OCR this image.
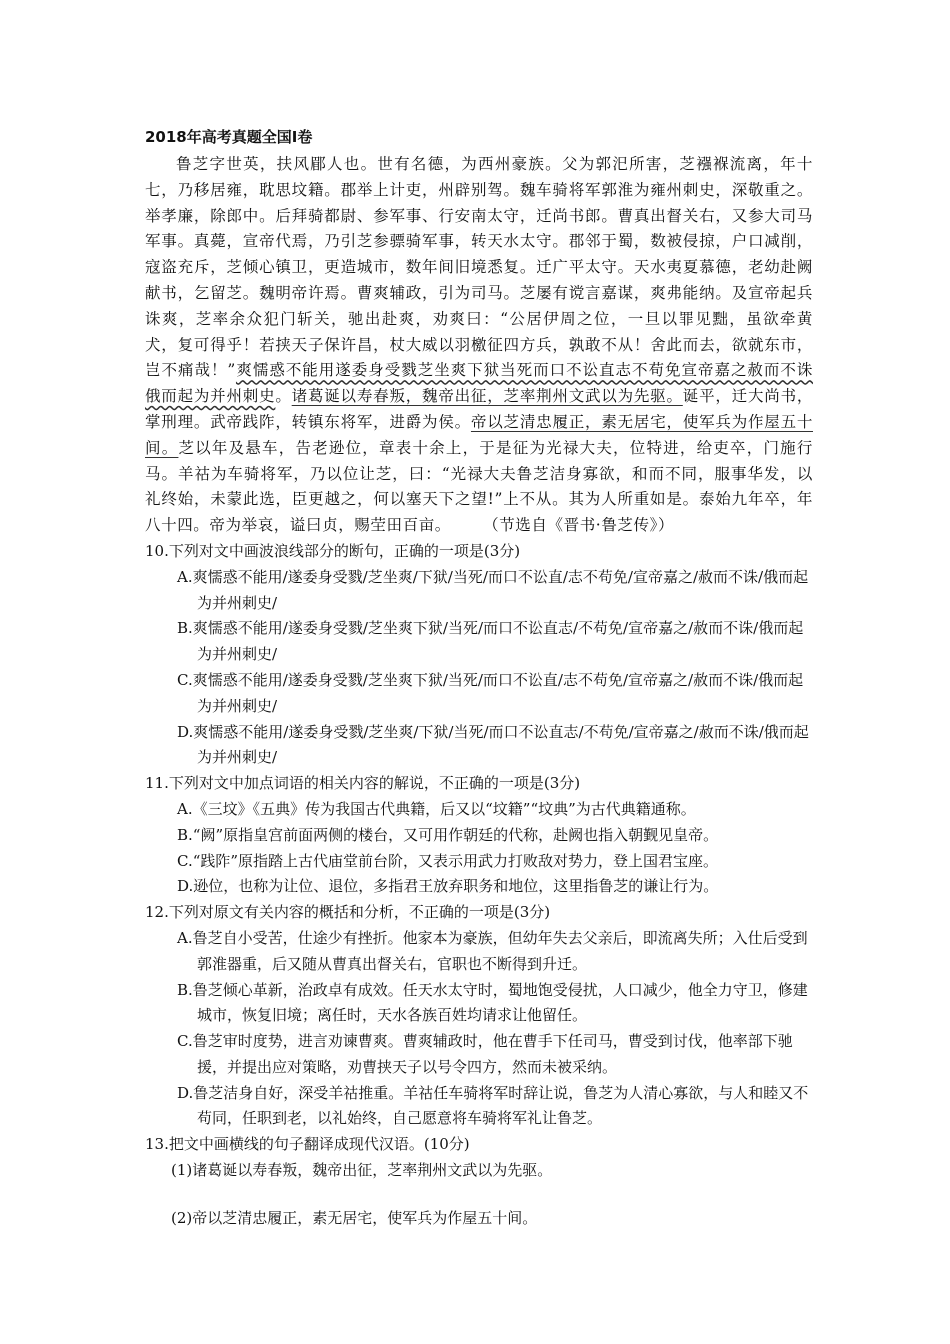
2018年高考真题全国I卷

鲁芝字世英，扶风郿人也。世有名德，为西州豪族。父为郭汜所害，芝襁褓流离，年十七，乃移居雍，耽思坟籍。郡举上计吏，州辟别驾。魏车骑将军郭淮为雍州刺史，深敬重之。举孝廉，除郎中。后拜骑都尉、参军事、行安南太守，迁尚书郎。曹真出督关右，又参大司马军事。真薨，宣帝代焉，乃引芝参骠骑军事，转天水太守。郡邻于蜀，数被侵掠，户口减削，寇盗充斥，芝倾心镇卫，更造城市，数年间旧境悉复。迁广平太守。天水夷夏慕德，老幼赴阙献书，乞留芝。魏明帝许焉。曹爽辅政，引为司马。芝屡有谠言嘉谋，爽弗能纳。及宣帝起兵诛爽，芝率余众犯门斩关，驰出赴爽，劝爽曰：“公居伊周之位，一旦以罪见黜，虽欲牵黄犬，复可得乎！若挟天子保许昌，杖大威以羽檄征四方兵，孰敢不从！舍此而去，欲就东市，岂不痛哉！”爽懦惑不能用遂委身受戮芝坐爽下狱当死而口不讼直志不苟免宣帝嘉之赦而不诛俄而起为并州刺史。诸葛诞以寿春叛，魏帝出征，芝率荆州文武以为先驱。诞平，迁大尚书，掌刑理。武帝践阼，转镇东将军，进爵为侯。帝以芝清忠履正，素无居宅，使军兵为作屋五十间。芝以年及悬车，告老逊位，章表十余上，于是征为光禄大夫，位特进，给吏卒，门施行马。羊祜为车骑将军，乃以位让芝，曰：“光禄大夫鲁芝洁身寡欲，和而不同，服事华发，以礼终始，未蒙此选，臣更越之，何以塞天下之望!”上不从。其为人所重如是。泰始九年卒，年八十四。帝为举哀，谥曰贞，赐茔田百亩。   （节选自《晋书·鲁芝传》）

10.下列对文中画波浪线部分的断句，正确的一项是(3分)

A.爽懦惑不能用/遂委身受戮/芝坐爽/下狱/当死/而口不讼直/志不苟免/宣帝嘉之/赦而不诛/俄而起为并州刺史/

B.爽懦惑不能用/遂委身受戮/芝坐爽下狱/当死/而口不讼直志/不苟免/宣帝嘉之/赦而不诛/俄而起为并州刺史/

C.爽懦惑不能用/遂委身受戮/芝坐爽下狱/当死/而口不讼直/志不苟免/宣帝嘉之/赦而不诛/俄而起为并州刺史/

D.爽懦惑不能用/遂委身受戮/芝坐爽/下狱/当死/而口不讼直志/不苟免/宣帝嘉之/赦而不诛/俄而起为并州刺史/

11.下列对文中加点词语的相关内容的解说，不正确的一项是(3分)

A.《三坟》《五典》传为我国古代典籍，后又以“坟籍”“坟典”为古代典籍通称。

B.“阙”原指皇宫前面两侧的楼台，又可用作朝廷的代称，赴阙也指入朝觐见皇帝。

C.“践阼”原指踏上古代庙堂前台阶，又表示用武力打败敌对势力，登上国君宝座。

D.逊位，也称为让位、退位，多指君王放弃职务和地位，这里指鲁芝的谦让行为。

12.下列对原文有关内容的概括和分析，不正确的一项是(3分)

A.鲁芝自小受苦，仕途少有挫折。他家本为豪族，但幼年失去父亲后，即流离失所；入仕后受到郭淮器重，后又随从曹真出督关右，官职也不断得到升迁。

B.鲁芝倾心革新，治政卓有成效。任天水太守时，蜀地饱受侵扰，人口减少，他全力守卫，修建城市，恢复旧境；离任时，天水各族百姓均请求让他留任。

C.鲁芝审时度势，进言劝谏曹爽。曹爽辅政时，他在曹手下任司马，曹受到讨伐，他率部下驰援，并提出应对策略，劝曹挟天子以号令四方，然而未被采纳。

D.鲁芝洁身自好，深受羊祜推重。羊祜任车骑将军时辞让说，鲁芝为人清心寡欲，与人和睦又不苟同，任职到老，以礼始终，自己愿意将车骑将军礼让鲁芝。

13.把文中画横线的句子翻译成现代汉语。(10分)

(1)诸葛诞以寿春叛，魏帝出征，芝率荆州文武以为先驱。

(2)帝以芝清忠履正，素无居宅，使军兵为作屋五十间。
